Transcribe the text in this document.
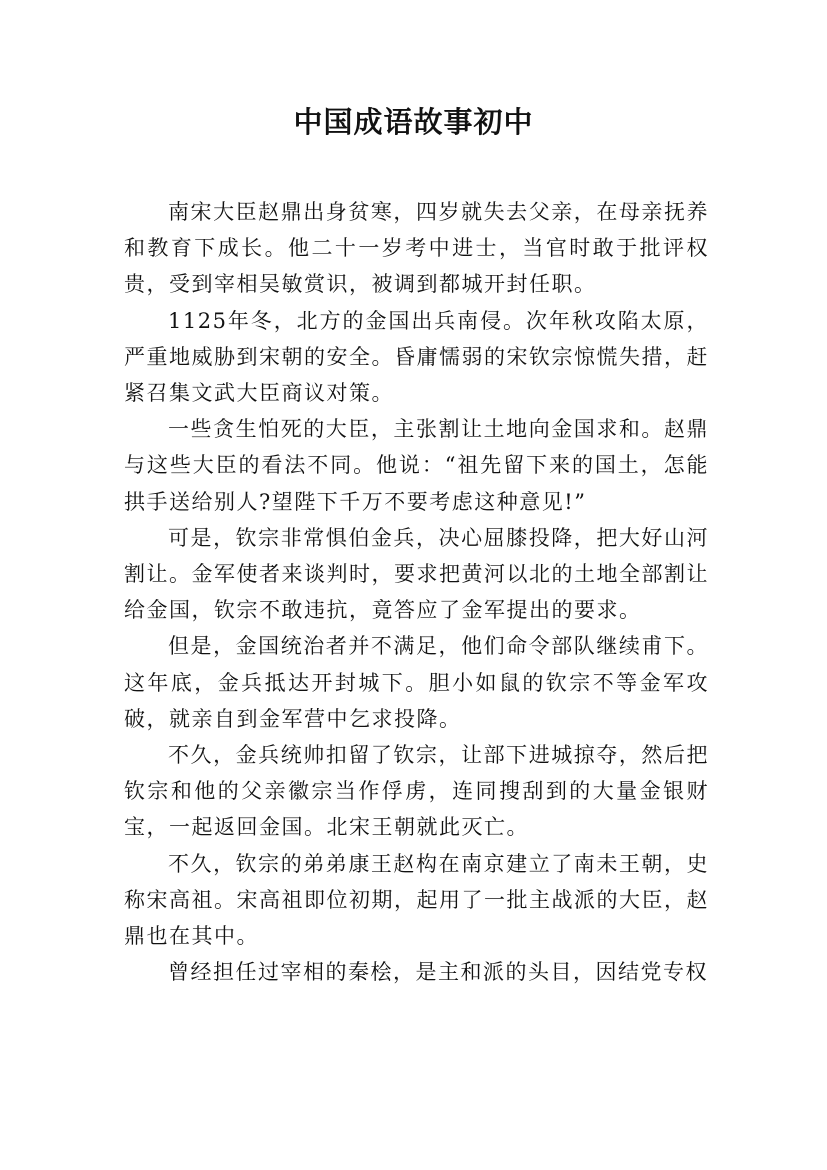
中国成语故事初中

南宋大臣赵鼎出身贫寒，四岁就失去父亲，在母亲抚养和教育下成长。他二十一岁考中进士，当官时敢于批评权贵，受到宰相吴敏赏识，被调到都城开封任职。

1125年冬，北方的金国出兵南侵。次年秋攻陷太原，严重地威胁到宋朝的安全。昏庸懦弱的宋钦宗惊慌失措，赶紧召集文武大臣商议对策。

一些贪生怕死的大臣，主张割让土地向金国求和。赵鼎与这些大臣的看法不同。他说：“祖先留下来的国土，怎能拱手送给别人?望陛下千万不要考虑这种意见!”

可是，钦宗非常惧伯金兵，决心屈膝投降，把大好山河割让。金军使者来谈判时，要求把黄河以北的土地全部割让给金国，钦宗不敢违抗，竟答应了金军提出的要求。

但是，金国统治者并不满足，他们命令部队继续甫下。这年底，金兵抵达开封城下。胆小如鼠的钦宗不等金军攻破，就亲自到金军营中乞求投降。

不久，金兵统帅扣留了钦宗，让部下进城掠夺，然后把钦宗和他的父亲徽宗当作俘虏，连同搜刮到的大量金银财宝，一起返回金国。北宋王朝就此灭亡。

不久，钦宗的弟弟康王赵构在南京建立了南未王朝，史称宋高祖。宋高祖即位初期，起用了一批主战派的大臣，赵鼎也在其中。

曾经担任过宰相的秦桧，是主和派的头目，因结党专权
